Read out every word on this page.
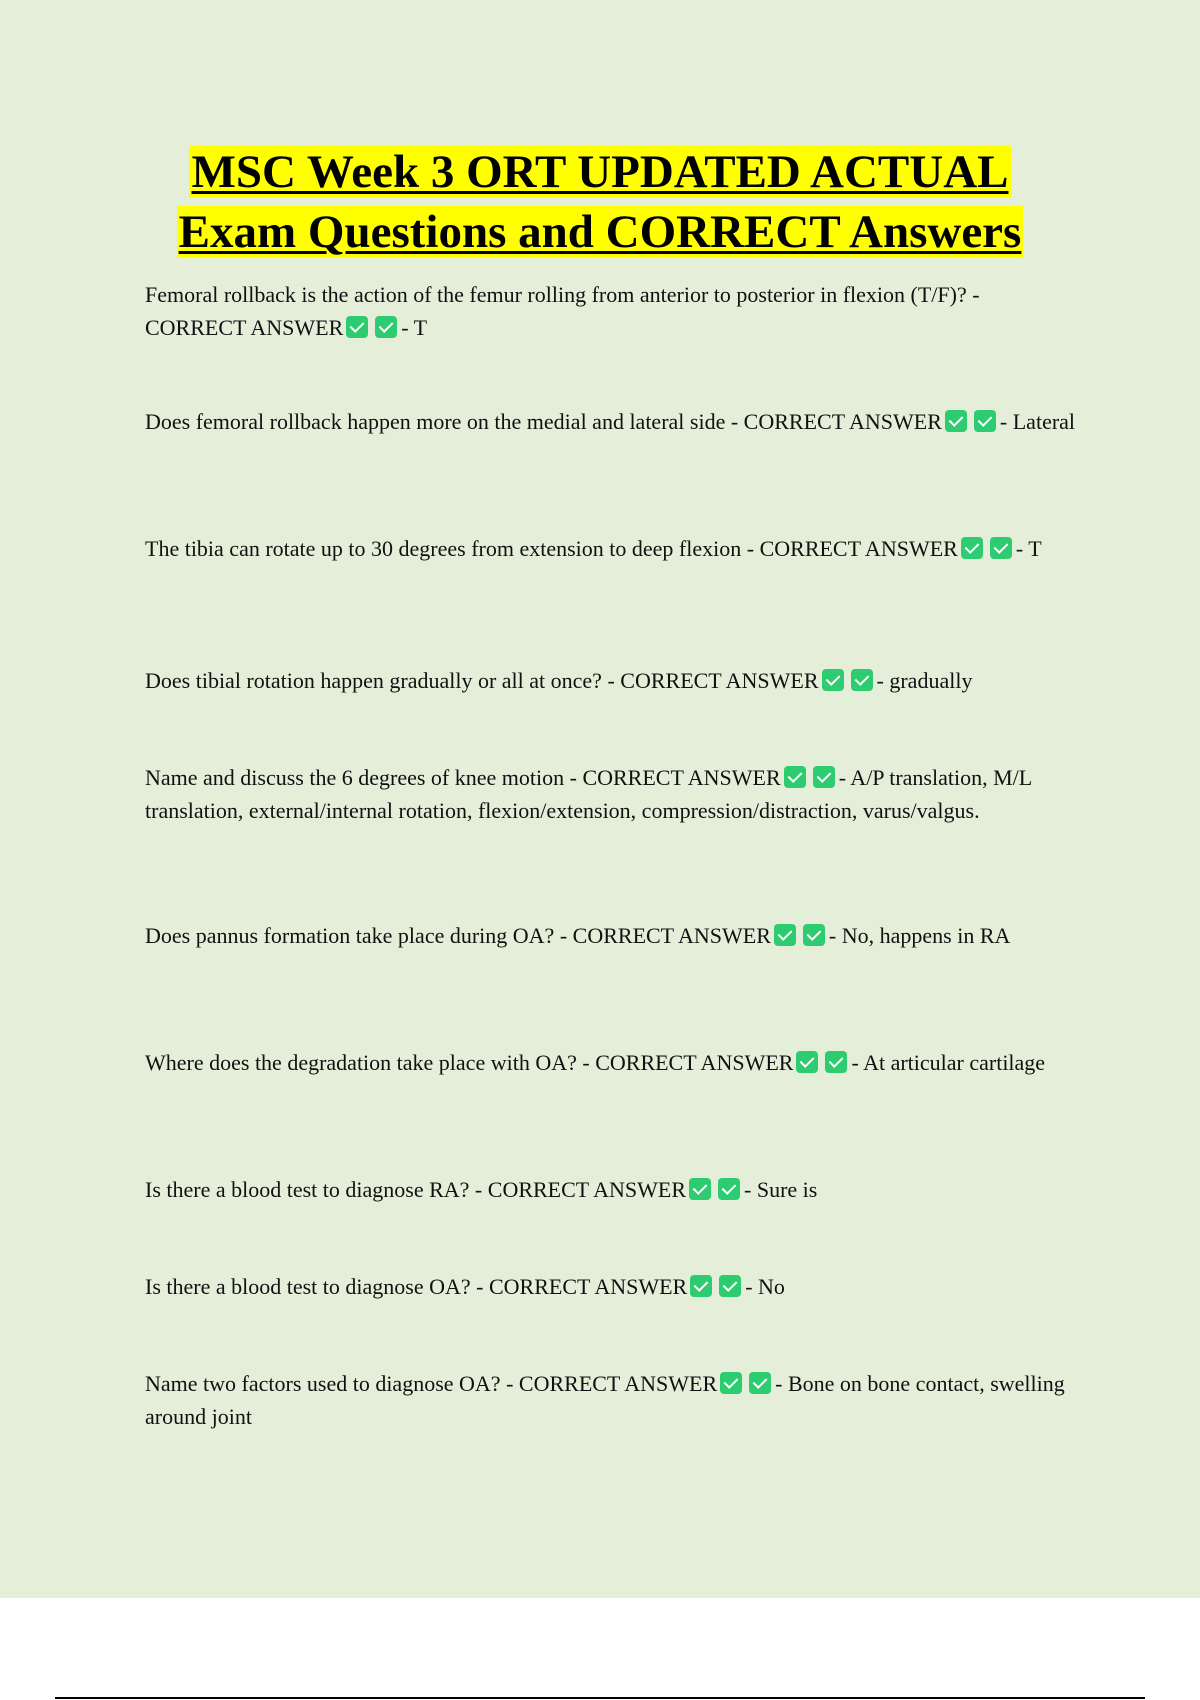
MSC Week 3 ORT UPDATED ACTUAL
Exam Questions and CORRECT Answers

Femoral rollback is the action of the femur rolling from anterior to posterior in flexion (T/F)? - CORRECT ANSWER	- T

Does femoral rollback happen more on the medial and lateral side - CORRECT ANSWER	- Lateral

The tibia can rotate up to 30 degrees from extension to deep flexion - CORRECT ANSWER	- T

Does tibial rotation happen gradually or all at once? - CORRECT ANSWER	- gradually

Name and discuss the 6 degrees of knee motion - CORRECT ANSWER	- A/P translation, M/L translation, external/internal rotation, flexion/extension, compression/distraction, varus/valgus.

Does pannus formation take place during OA? - CORRECT ANSWER	- No, happens in RA

Where does the degradation take place with OA? - CORRECT ANSWER	- At articular cartilage

Is there a blood test to diagnose RA? - CORRECT ANSWER	- Sure is

Is there a blood test to diagnose OA? - CORRECT ANSWER	- No

Name two factors used to diagnose OA? - CORRECT ANSWER	- Bone on bone contact, swelling around joint
